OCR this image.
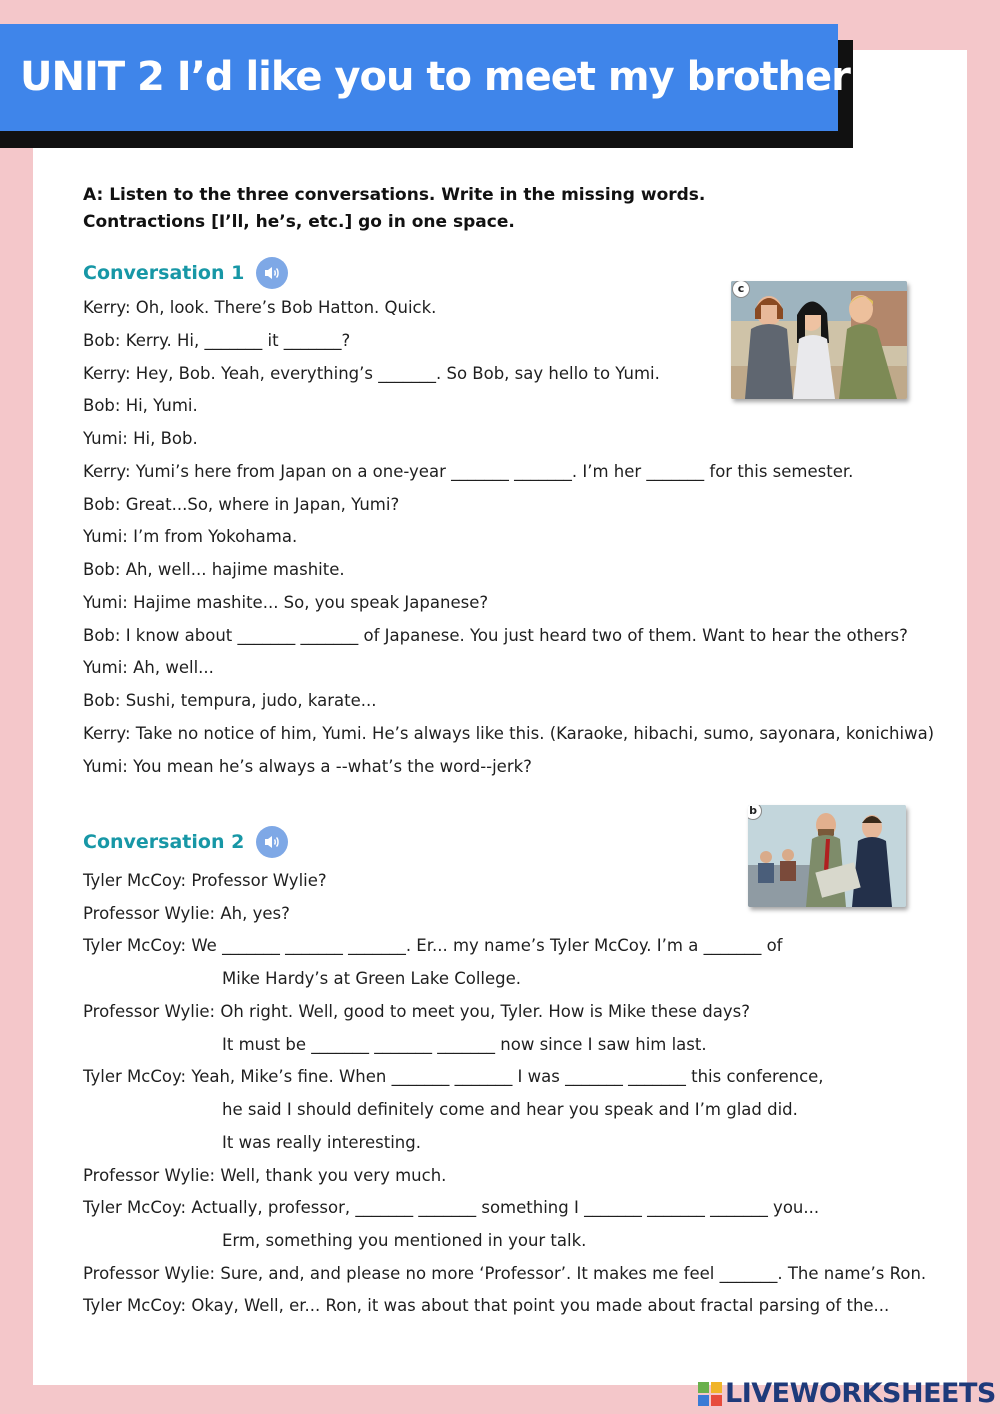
UNIT 2 I’d like you to meet my brother
A: Listen to the three conversations. Write in the missing words.
Contractions [I’ll, he’s, etc.] go in one space.
Conversation 1
Kerry: Oh, look. There’s Bob Hatton. Quick.
Bob: Kerry. Hi, _______ it _______?
Kerry: Hey, Bob. Yeah, everything’s _______. So Bob, say hello to Yumi.
Bob: Hi, Yumi.
Yumi: Hi, Bob.
Kerry: Yumi’s here from Japan on a one-year _______ _______. I’m her _______ for this semester.
Bob: Great...So, where in Japan, Yumi?
Yumi: I’m from Yokohama.
Bob: Ah, well... hajime mashite.
Yumi: Hajime mashite... So, you speak Japanese?
Bob: I know about _______ _______ of Japanese. You just heard two of them. Want to hear the others?
Yumi: Ah, well...
Bob: Sushi, tempura, judo, karate...
Kerry: Take no notice of him, Yumi. He’s always like this. (Karaoke, hibachi, sumo, sayonara, konichiwa)
Yumi: You mean he’s always a --what’s the word--jerk?
c
Conversation 2
Tyler McCoy: Professor Wylie?
Professor Wylie: Ah, yes?
Tyler McCoy: We _______ _______ _______. Er... my name’s Tyler McCoy. I’m a _______ of
Mike Hardy’s at Green Lake College.
Professor Wylie: Oh right. Well, good to meet you, Tyler. How is Mike these days?
It must be _______ _______ _______ now since I saw him last.
Tyler McCoy: Yeah, Mike’s fine. When _______ _______ I was _______ _______ this conference,
he said I should definitely come and hear you speak and I’m glad did.
It was really interesting.
Professor Wylie: Well, thank you very much.
Tyler McCoy: Actually, professor, _______ _______ something I _______ _______ _______ you...
Erm, something you mentioned in your talk.
Professor Wylie: Sure, and, and please no more ‘Professor’. It makes me feel _______. The name’s Ron.
Tyler McCoy: Okay, Well, er... Ron, it was about that point you made about fractal parsing of the...
b
LIVEWORKSHEETS
